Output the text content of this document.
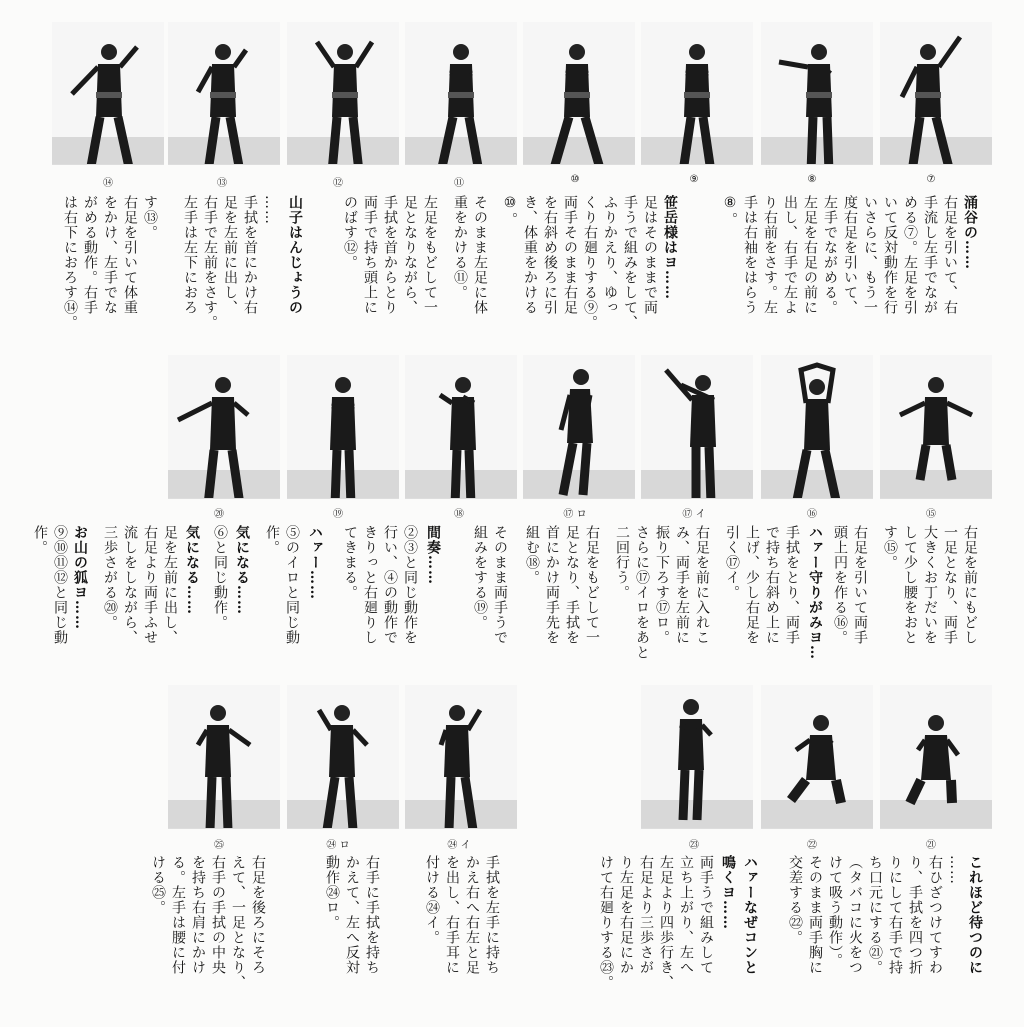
⑭	⑬	⑫	⑪	⑩	⑨	⑧	⑦
涌谷の……
右足を引いて、右
手流し左手でなが
める⑦。左足を引
いて反対動作を行
いさらに、もう一
度右足を引いて、
左手でながめる。
出し、右手で左よ 左足を右足の前に
り右前をさす。左
手は右袖をはらう
⑧。
笹岳様はヨ……
足はそのままで両
手うで組みをして、
ふりかえり、ゆっ
くり右廻りする⑨。
両手そのまま右足
き、体重をかける を右斜め後ろに引
⑩。
そのまま左足に体
重をかける⑪。
左足をもどして一
足となりながら、
手拭を首からとり
両手で持ち頭上に
のばす⑫。
山子はんじょうの
……
手拭を首にかけ右
足を左前に出し、
右手で左前をさす。
左手は左下におろ
す⑬。
右足を引いて体重
をかけ、左手でな
がめる動作。右手
は右下におろす⑭。
⑳	⑲	⑱	⑰ ロ	⑰ イ	⑯	⑮
右足を前にもどし
一足となり、両手
大きくお丁だいを
して少し腰をおと
す⑮。
右足を引いて両手
頭上円を作る⑯。
ハァー守りがみヨ…
手拭をとり、両手
で持ち右斜め上に
上げ、少し右足を
引く⑰イ。
右足を前に入れこ
み、両手を左前に
振り下ろす⑰ロ。
さらに⑰イロをあと
二回行う。
右足をもどして一
足となり、手拭を
首にかけ両手先を
組む⑱。
そのまま両手うで
組みをする⑲。
間奏……
②③と同じ動作を
行い、④の動作で
きりっと右廻りし
てきまる。
ハァー……
⑤のイロと同じ動
作。
気になる……
⑥と同じ動作。
気になる……
足を左前に出し、
右足より両手ふせ
流しをしながら、
三歩さがる⑳。
お山の狐ヨ……
⑨⑩⑪⑫と同じ動
作。
㉕	㉔ ロ	㉔ イ	㉓	㉒	㉑
これほど待つのに
……
右ひざつけてすわ
り、手拭を四つ折
りにして右手で持
ち口元にする㉑。
（タバコに火をつ
けて吸う動作）。
そのまま両手胸に
交差する㉒。
ハァーなぜコンと
鳴くヨ……
両手うで組みして
立ち上がり、左へ
左足より四歩行き、
右足より三歩さが
り左足を右足にか
けて右廻りする㉓。
手拭を左手に持ち
かえ右へ右左と足
を出し、右手耳に
付ける㉔イ。
右手に手拭を持ち
かえて、左へ反対
動作㉔ロ。
右足を後ろにそろ
えて、一足となり、
右手の手拭の中央
を持ち右肩にかけ
る。左手は腰に付
ける㉕。
